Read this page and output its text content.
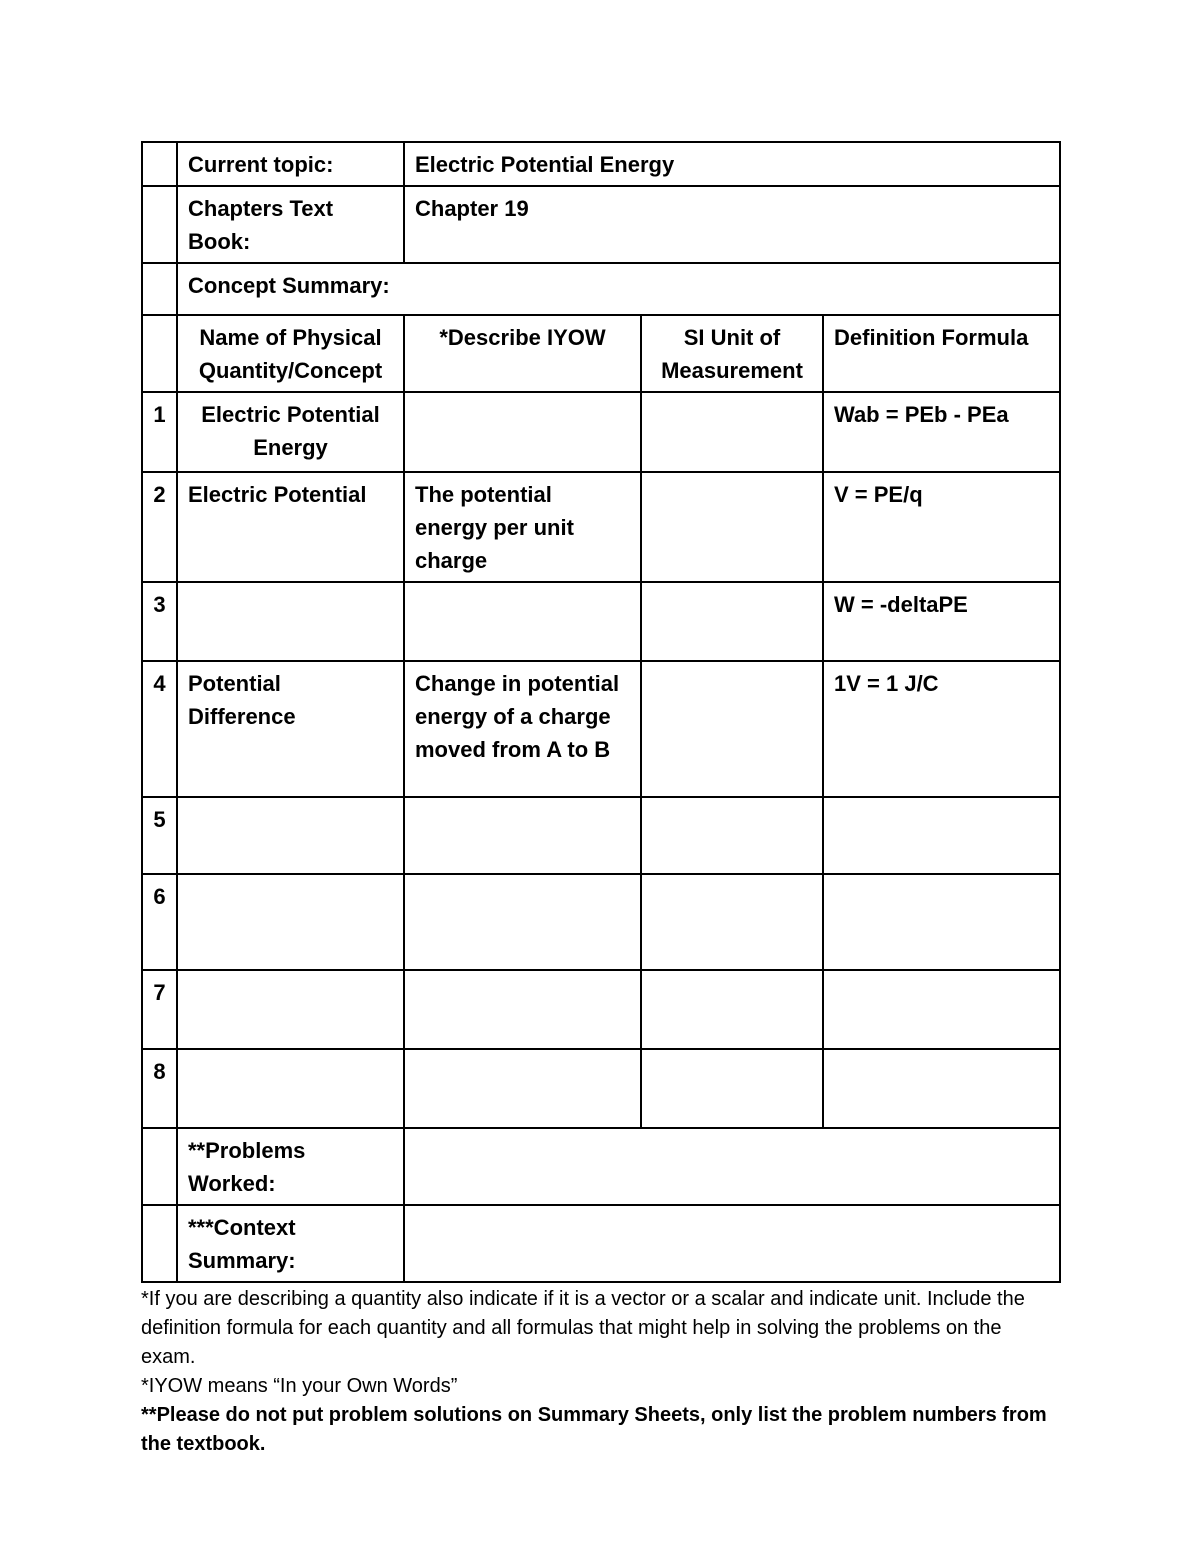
	Current topic:	Electric Potential Energy		
	Chapters Text Book:	Chapter 19		
	Concept Summary:			
	Name of Physical Quantity/Concept	*Describe IYOW	SI Unit of Measurement	Definition Formula
1	Electric Potential Energy			Wab = PEb - PEa
2	Electric Potential	The potential energy per unit charge		V = PE/q
3				W = -deltaPE
4	Potential Difference	Change in potential energy of a charge moved from A to B		1V = 1 J/C
5				
6				
7				
8				
	**Problems Worked:			
	***Context Summary:			

*If you are describing a quantity also indicate if it is a vector or a scalar and indicate unit. Include the definition formula for each quantity and all formulas that might help in solving the problems on the exam.

*IYOW means “In your Own Words”

**Please do not put problem solutions on Summary Sheets, only list the problem numbers from the textbook.
